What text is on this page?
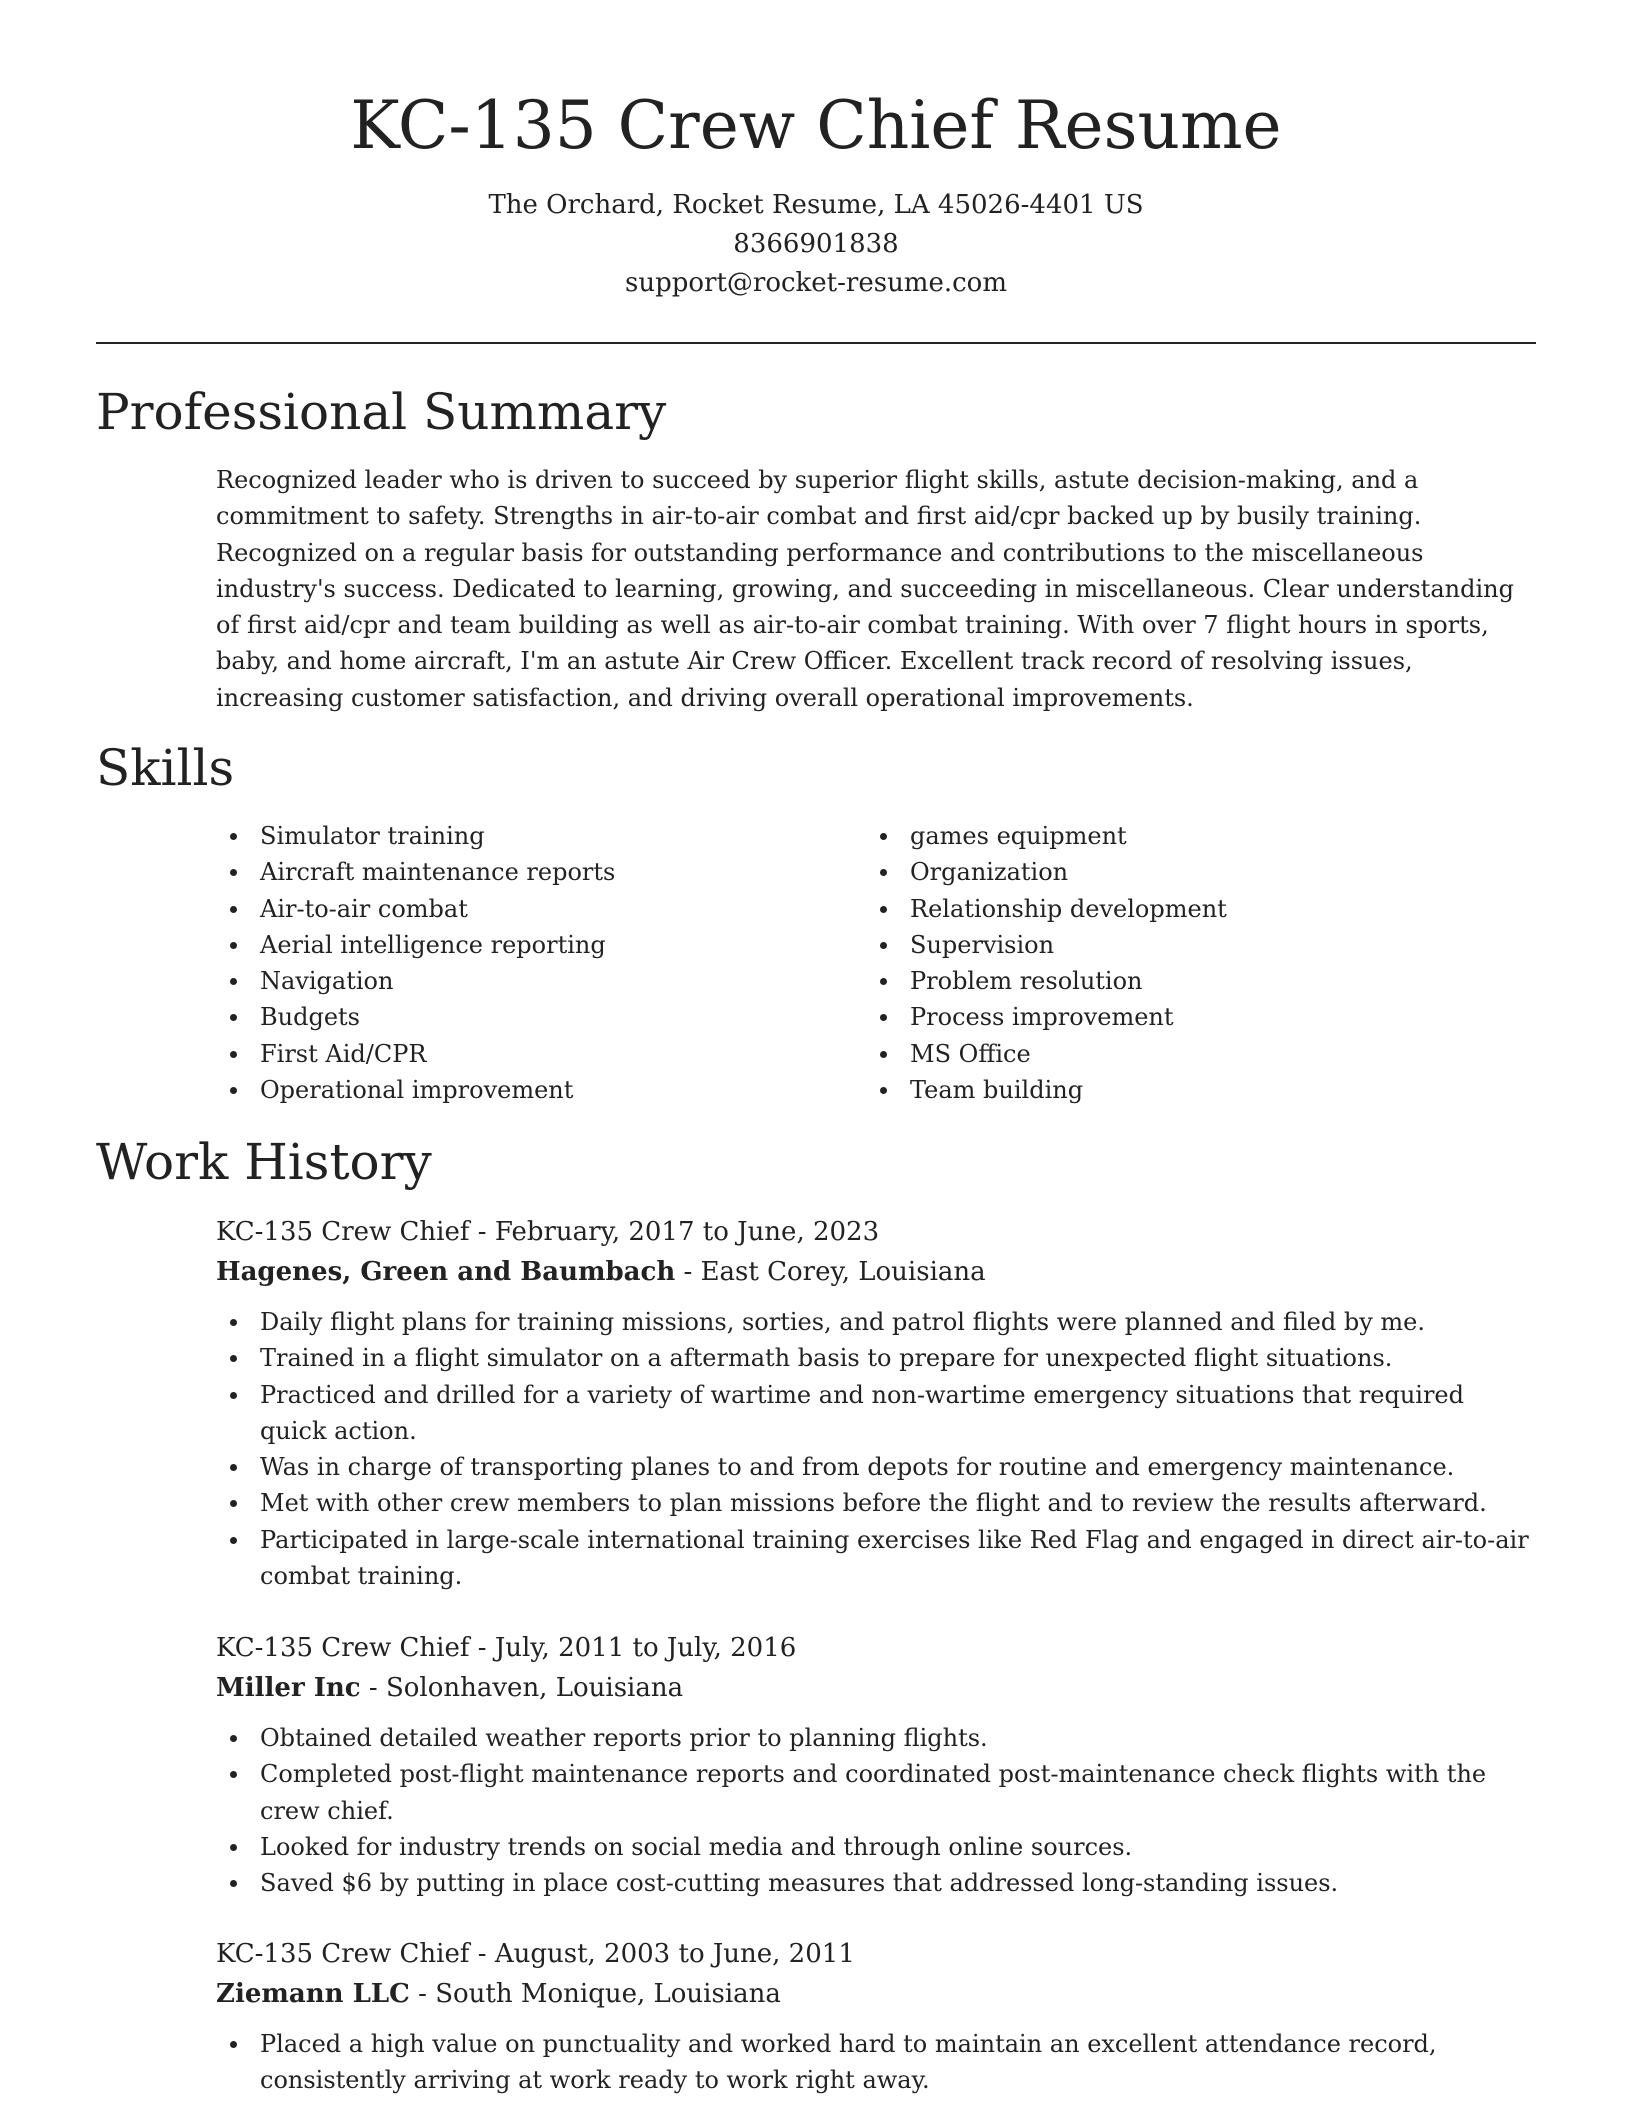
KC-135 Crew Chief Resume
The Orchard, Rocket Resume, LA 45026-4401 US
8366901838
support@rocket-resume.com
Professional Summary

Recognized leader who is driven to succeed by superior flight skills, astute decision-making, and a commitment to safety. Strengths in air-to-air combat and first aid/cpr backed up by busily training. Recognized on a regular basis for outstanding performance and contributions to the miscellaneous industry's success. Dedicated to learning, growing, and succeeding in miscellaneous. Clear understanding of first aid/cpr and team building as well as air-to-air combat training. With over 7 flight hours in sports, baby, and home aircraft, I'm an astute Air Crew Officer. Excellent track record of resolving issues, increasing customer satisfaction, and driving overall operational improvements.

Skills
Simulator training
Aircraft maintenance reports
Air-to-air combat
Aerial intelligence reporting
Navigation
Budgets
First Aid/CPR
Operational improvement
games equipment
Organization
Relationship development
Supervision
Problem resolution
Process improvement
MS Office
Team building
Work History
KC-135 Crew Chief - February, 2017 to June, 2023
Hagenes, Green and Baumbach - East Corey, Louisiana
Daily flight plans for training missions, sorties, and patrol flights were planned and filed by me.
Trained in a flight simulator on a aftermath basis to prepare for unexpected flight situations.
Practiced and drilled for a variety of wartime and non-wartime emergency situations that required quick action.
Was in charge of transporting planes to and from depots for routine and emergency maintenance.
Met with other crew members to plan missions before the flight and to review the results afterward.
Participated in large-scale international training exercises like Red Flag and engaged in direct air-to-air combat training.
KC-135 Crew Chief - July, 2011 to July, 2016
Miller Inc - Solonhaven, Louisiana
Obtained detailed weather reports prior to planning flights.
Completed post-flight maintenance reports and coordinated post-maintenance check flights with the crew chief.
Looked for industry trends on social media and through online sources.
Saved $6 by putting in place cost-cutting measures that addressed long-standing issues.
KC-135 Crew Chief - August, 2003 to June, 2011
Ziemann LLC - South Monique, Louisiana
Placed a high value on punctuality and worked hard to maintain an excellent attendance record, consistently arriving at work ready to work right away.
